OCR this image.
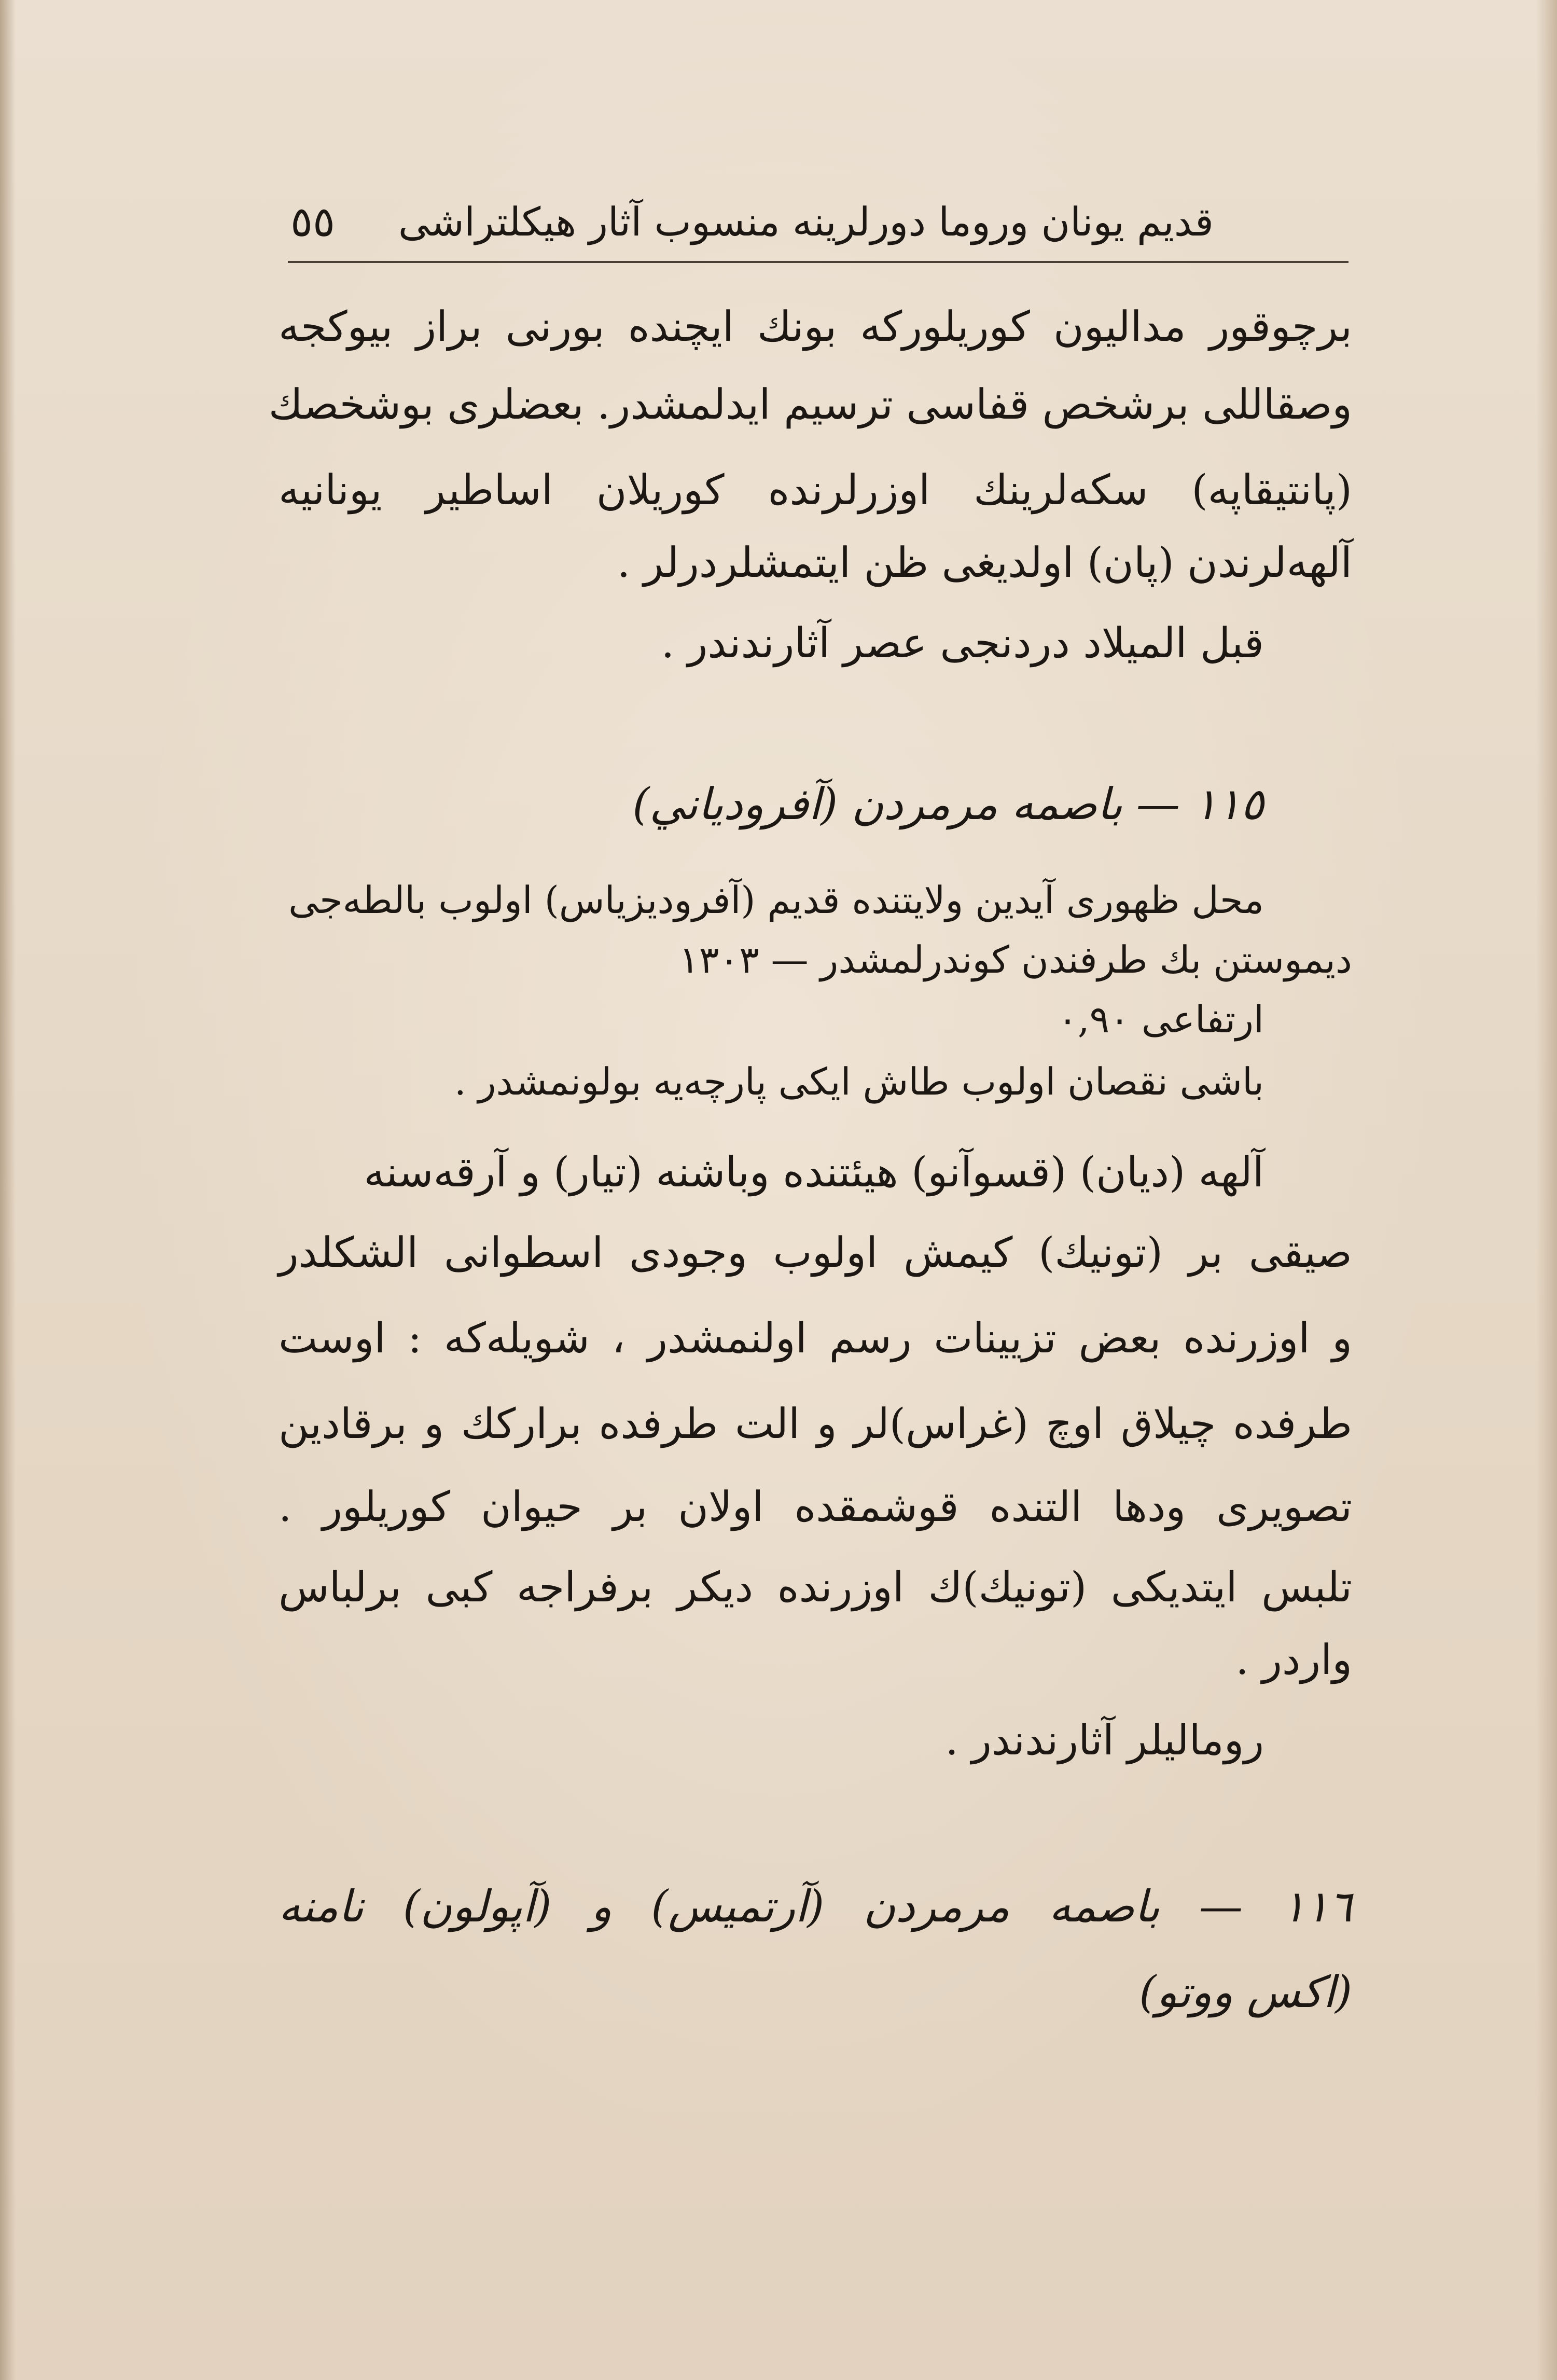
٥٥ قديم يونان وروما دورلرينه منسوب آثار هيكلتراشى
برچوقور مداليون كوريلوركه بونك ايچنده بورنى براز بيوكجه
وصقاللى برشخص قفاسى ترسيم ايدلمشدر. بعضلرى بوشخصك
(پانتيقاپه) سكه‌لرينك اوزرلرنده كوريلان اساطير يونانيه
آلهه‌لرندن (پان) اولديغى ظن ايتمشلردرلر .
قبل الميلاد دردنجى عصر آثارندندر .
١١٥ — باصمه مرمردن (آفرودياني)
محل ظهورى آيدين ولايتنده قديم (آفروديزياس) اولوب بالطه‌جى
ديموستن بك طرفندن كوندرلمشدر — ١٣٠٣
ارتفاعى ٠,٩٠
باشى نقصان اولوب طاش ايكى پارچه‌يه بولونمشدر .
آلهه (ديان) (قسوآنو) هيئتنده وباشنه (تيار) و آرقه‌سنه
صيقى بر (تونيك) كيمش اولوب وجودى اسطوانى الشكلدر
و اوزرنده بعض تزيينات رسم اولنمشدر ، شويله‌كه : اوست
طرفده چيلاق اوچ (غراس)لر و الت طرفده براركك و برقادين
تصويرى ودها التنده قوشمقده اولان بر حيوان كوريلور .
تلبس ايتديكى (تونيك)ك اوزرنده ديكر برفراجه كبى برلباس
واردر .
روماليلر آثارندندر .
١١٦ — باصمه مرمردن (آرتميس) و (آپولون) نامنه
(اكس ووتو)
